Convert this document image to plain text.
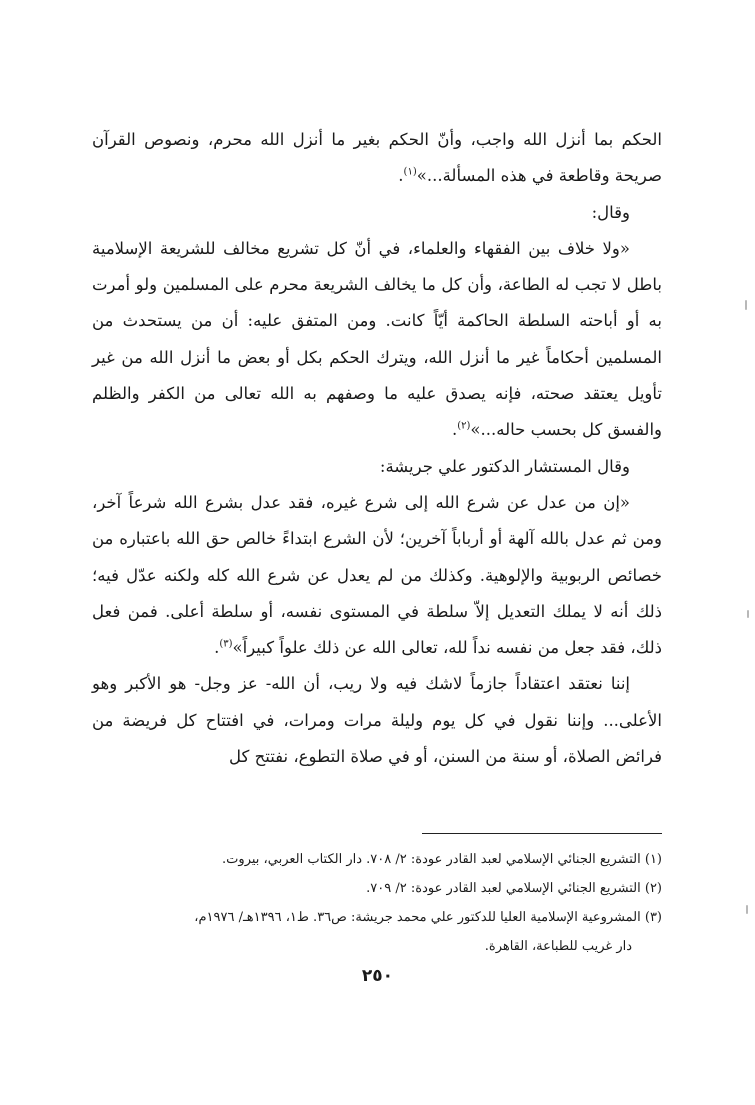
الحكم بما أنزل الله واجب، وأنّ الحكم بغير ما أنزل الله محرم، ونصوص القرآن صريحة وقاطعة في هذه المسألة...»$^{(١)}$.

وقال:

«ولا خلاف بين الفقهاء والعلماء، في أنّ كل تشريع مخالف للشريعة الإسلامية باطل لا تجب له الطاعة، وأن كل ما يخالف الشريعة محرم على المسلمين ولو أمرت به أو أباحته السلطة الحاكمة أيّاً كانت. ومن المتفق عليه: أن من يستحدث من المسلمين أحكاماً غير ما أنزل الله، ويترك الحكم بكل أو بعض ما أنزل الله من غير تأويل يعتقد صحته، فإنه يصدق عليه ما وصفهم به الله تعالى من الكفر والظلم والفسق كل بحسب حاله...»$^{(٢)}$.

وقال المستشار الدكتور علي جريشة:

«إن من عدل عن شرع الله إلى شرع غيره، فقد عدل بشرع الله شرعاً آخر، ومن ثم عدل بالله آلهة أو أرباباً آخرين؛ لأن الشرع ابتداءً خالص حق الله باعتباره من خصائص الربوبية والإلوهية. وكذلك من لم يعدل عن شرع الله كله ولكنه عدّل فيه؛ ذلك أنه لا يملك التعديل إلاّ سلطة في المستوى نفسه، أو سلطة أعلى. فمن فعل ذلك، فقد جعل من نفسه نداً لله، تعالى الله عن ذلك علواً كبيراً»$^{(٣)}$.

إننا نعتقد اعتقاداً جازماً لاشك فيه ولا ريب، أن الله- عز وجل- هو الأكبر وهو الأعلى... وإننا نقول في كل يوم وليلة مرات ومرات، في افتتاح كل فريضة من فرائض الصلاة، أو سنة من السنن، أو في صلاة التطوع، نفتتح كل

(١) التشريع الجنائي الإسلامي لعبد القادر عودة: ٢/ ٧٠٨. دار الكتاب العربي، بيروت.

(٢) التشريع الجنائي الإسلامي لعبد القادر عودة: ٢/ ٧٠٩.

(٣) المشروعية الإسلامية العليا للدكتور علي محمد جريشة: ص٣٦. ط١، ١٣٩٦هـ/ ١٩٧٦م،

دار غريب للطباعة، القاهرة.

٢٥٠
